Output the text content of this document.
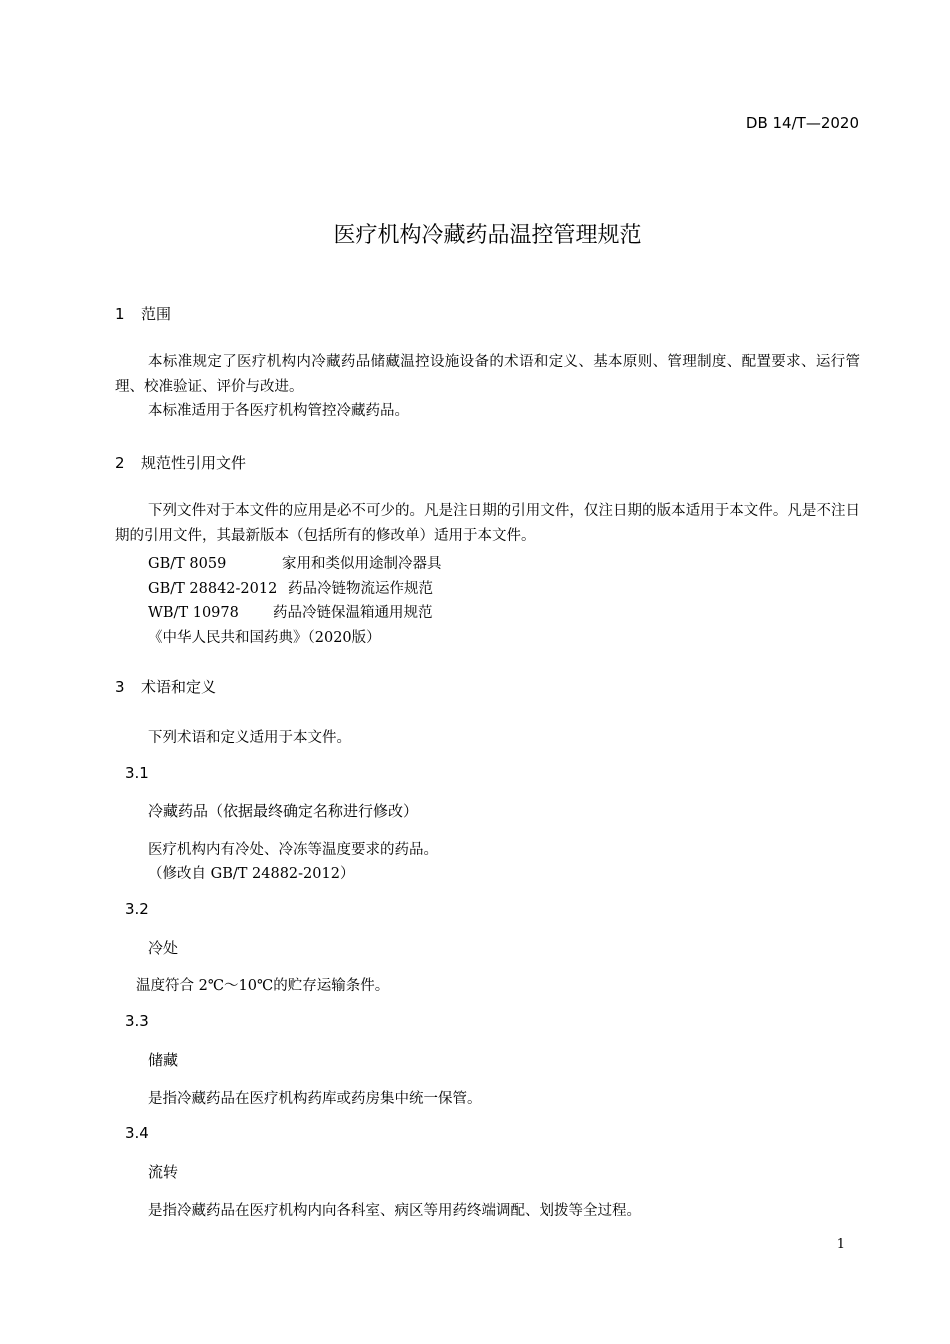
DB 14/T—2020
医疗机构冷藏药品温控管理规范
1 范围
本标准规定了医疗机构内冷藏药品储藏温控设施设备的术语和定义、基本原则、管理制度、配置要求、运行管理、校准验证、评价与改进。
本标准适用于各医疗机构管控冷藏药品。
2 规范性引用文件
下列文件对于本文件的应用是必不可少的。凡是注日期的引用文件，仅注日期的版本适用于本文件。凡是不注日期的引用文件，其最新版本（包括所有的修改单）适用于本文件。
GB/T 8059	家用和类似用途制冷器具
GB/T 28842-2012 药品冷链物流运作规范
WB/T 10978 药品冷链保温箱通用规范
《中华人民共和国药典》（2020版）
3 术语和定义
下列术语和定义适用于本文件。
3.1
冷藏药品（依据最终确定名称进行修改）
医疗机构内有冷处、冷冻等温度要求的药品。
（修改自 GB/T 24882-2012）
3.2
冷处
温度符合 2℃～10℃的贮存运输条件。
3.3
储藏
是指冷藏药品在医疗机构药库或药房集中统一保管。
3.4
流转
是指冷藏药品在医疗机构内向各科室、病区等用药终端调配、划拨等全过程。
1
